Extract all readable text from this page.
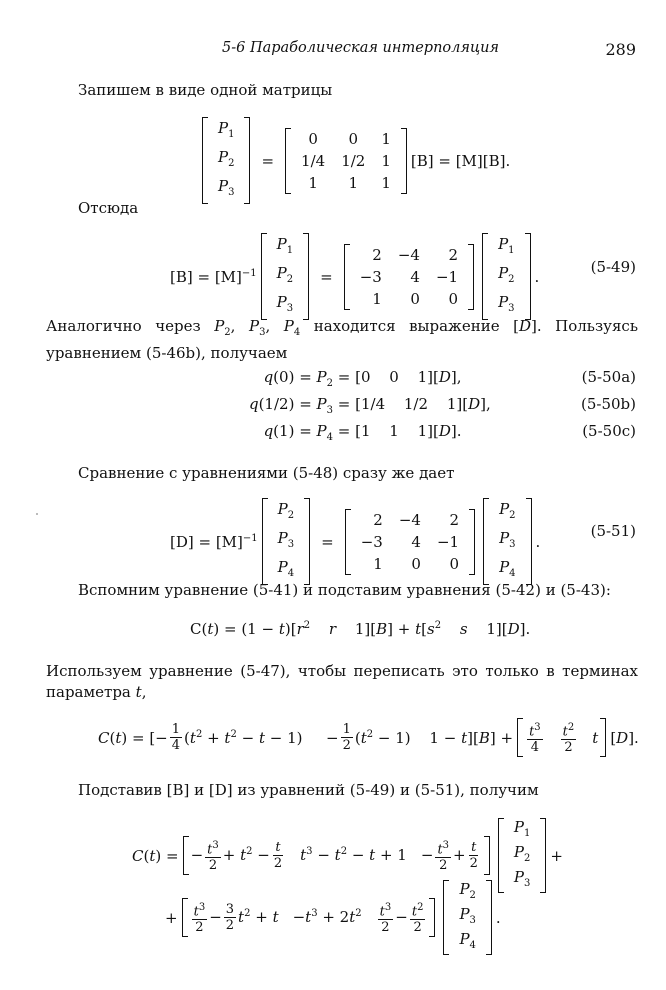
5-6 Параболическая интерполяция	289
Запишем в виде одной матрицы
$P_1$
$P_2$
$P_3$
=
0	0	1
1/4	1/2	1
1	1	1
[B] = [M][B].
Отсюда
$[B] = [M]^{-1}$
$P_1$
$P_2$
$P_3$
=
2	−4	2
−3	4	−1
1	0	0
$P_1$
$P_2$
$P_3$
.
(5-49)
Аналогично через $P_2$, $P_3$, $P_4$ находится выражение [D]. Пользуясь уравнением (5-46b), получаем
$q(0) = P_2 = [0$ 0 1][D],	(5-50a)
$q(1/2) = P_3 = [1/4$ 1/2 1][D],	(5-50b)
$q(1) = P_4 = [1$ 1 1][D].	(5-50c)
Сравнение с уравнениями (5-48) сразу же дает
$[D] = [M]^{-1}$
$P_2$
$P_3$
$P_4$
=
2	−4	2
−3	4	−1
1	0	0
$P_2$
$P_3$
$P_4$
.
(5-51)
Вспомним уравнение (5-41) и подставим уравнения (5-42) и (5-43):
$C(t) = (1 - t)[r^2$ r $1][B] + t[s^2$ s 1][D].
Используем уравнение (5-47), чтобы переписать это только в терминах параметра t,
C(t) = [− $\frac{1}{4} (t^2 + t^2 - t - 1) - \frac{1}{2} (t^2 - 1) 1 - t][B] + \frac{t^3}{4} \frac{t^2}{2}$ t [D].
Подставив [B] и [D] из уравнений (5-49) и (5-51), получим
C(t) = − $\frac{t^3}{2} + t^2 - \frac{t}{2} t^3 - t^2 - t + 1 - \frac{t^3}{2} + \frac{t}{2}$
$P_1$
$P_2$
$P_3$
+
+ $\frac{t^3}{2} - \frac{3}{2} t^2 + t -t^3 + 2t^2 \frac{t^3}{2} - \frac{t^2}{2}$
$P_2$
$P_3$
$P_4$
.
